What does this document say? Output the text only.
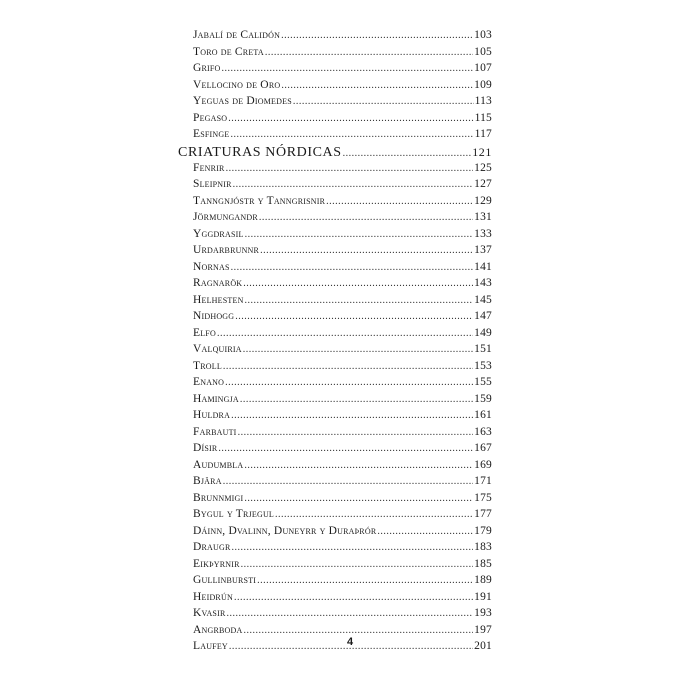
Jabalí de Calidón .....	103
Toro de Creta .....	105
Grifo .....	107
Vellocino de Oro .....	109
Yeguas de Diomedes .....	113
Pegaso .....	115
Esfinge .....	117
CRIATURAS NÓRDICAS .....	121
Fenrir .....	125
Sleipnir .....	127
Tanngnjóstr y Tanngrisnir .....	129
Jörmungandr .....	131
Yggdrasil .....	133
Urdarbrunnr .....	137
Nornas .....	141
Ragnarök .....	143
Helhesten .....	145
Nidhogg .....	147
Elfo .....	149
Valquiria .....	151
Troll .....	153
Enano .....	155
Hamingja .....	159
Huldra .....	161
Farbauti .....	163
Dísir .....	167
Audumbla .....	169
Bjära .....	171
Brunnmigi .....	175
Bygul y Trjegul .....	177
Dáinn, Dvalinn, Duneyrr y Duraþrór .....	179
Draugr .....	183
Eikþyrnir .....	185
Gullinbursti .....	189
Heidrún .....	191
Kvasir .....	193
Angrboda .....	197
Laufey .....	201
4
